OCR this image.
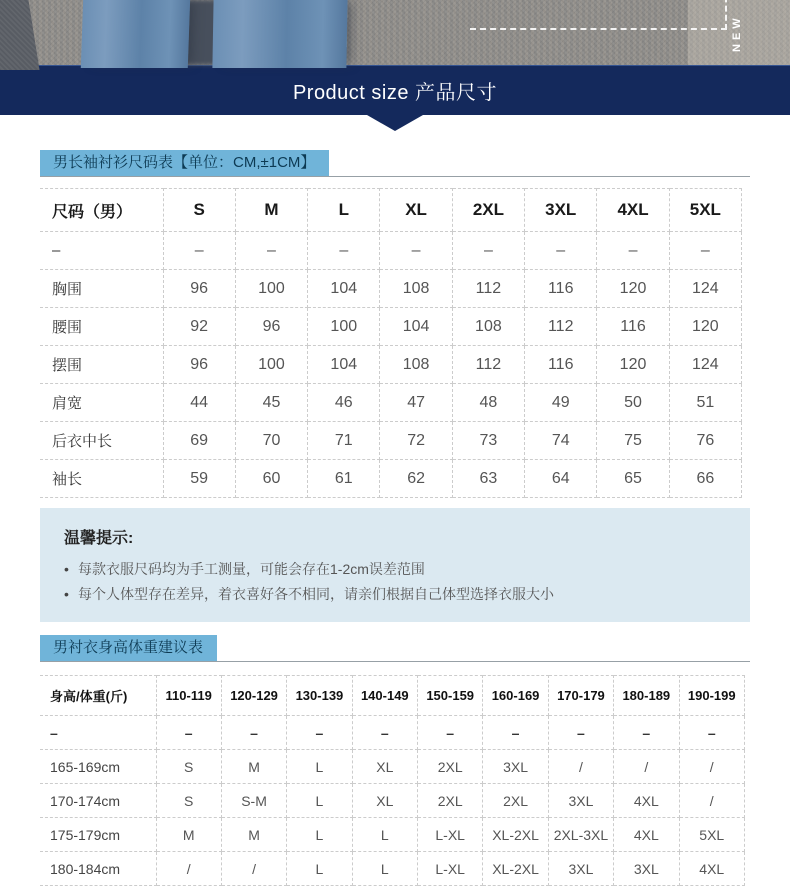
NEW
Product size 产品尺寸
男长袖衬衫尺码表【单位：CM,±1CM】
尺码（男）	S	M	L	XL	2XL	3XL	4XL	5XL
–	–	–	–	–	–	–	–	–
胸围	96	100	104	108	112	116	120	124
腰围	92	96	100	104	108	112	116	120
摆围	96	100	104	108	112	116	120	124
肩宽	44	45	46	47	48	49	50	51
后衣中长	69	70	71	72	73	74	75	76
袖长	59	60	61	62	63	64	65	66
温馨提示:
• 每款衣服尺码均为手工测量，可能会存在1-2cm误差范围
• 每个人体型存在差异，着衣喜好各不相同，请亲们根据自己体型选择衣服大小
男衬衣身高体重建议表
身高/体重(斤)	110-119	120-129	130-139	140-149	150-159	160-169	170-179	180-189	190-199
–	–	–	–	–	–	–	–	–	–
165-169cm	S	M	L	XL	2XL	3XL	/	/	/
170-174cm	S	S-M	L	XL	2XL	2XL	3XL	4XL	/
175-179cm	M	M	L	L	L-XL	XL-2XL	2XL-3XL	4XL	5XL
180-184cm	/	/	L	L	L-XL	XL-2XL	3XL	3XL	4XL
